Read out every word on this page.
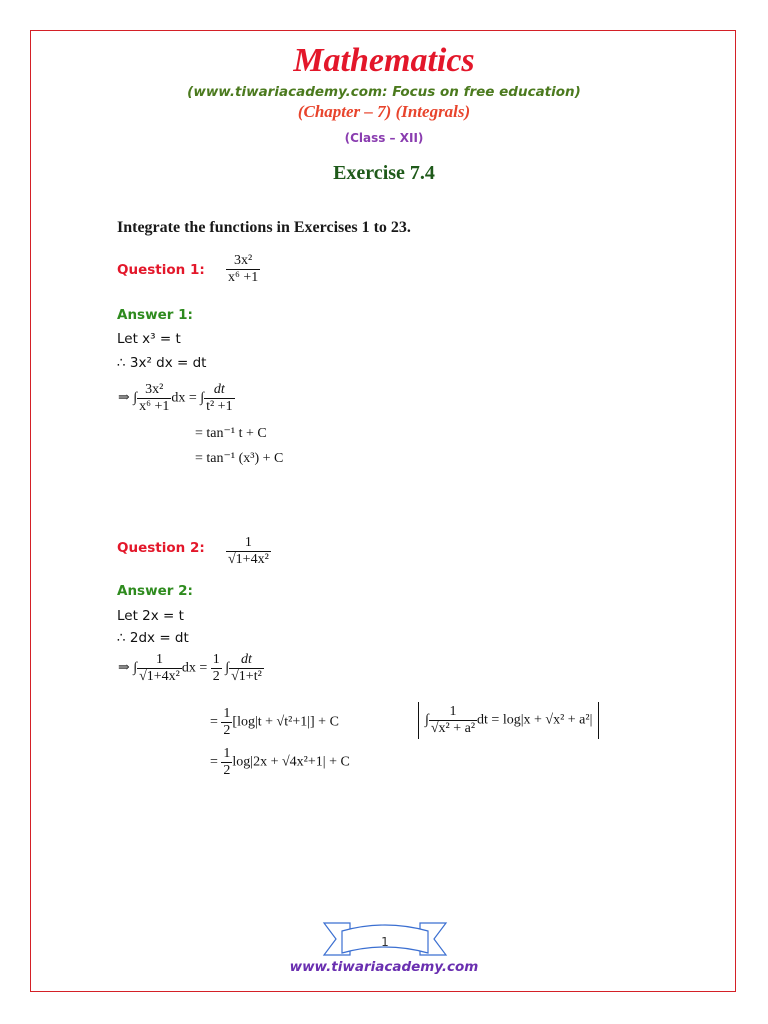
Mathematics
(www.tiwariacademy.com: Focus on free education)
(Chapter – 7) (Integrals)
(Class – XII)
Exercise 7.4
Integrate the functions in Exercises 1 to 23.
Question 1: $\frac{\text{3x²}}{\text{x⁶ +1}}$
Answer 1:
Let x³ = t
∴ 3x² dx = dt
⇒ ∫ $\frac{\text{3x²}}{\text{x⁶ +1}}$ dx = ∫ $\frac{dt}{\text{t² +1}}$
= tan⁻¹ t + C
= tan⁻¹ (x³) + C
Question 2: $\frac{1}{\text{√1+4x²}}$
Answer 2:
Let 2x = t
∴ 2dx = dt
⇒ ∫ $\frac{1}{\text{√1+4x²}}$ dx = $\frac{1}{2}$ ∫ $\frac{dt}{\text{√1+t²}}$
= $\frac{1}{2} [\log|t + √t^2+1|] + C$
= $\frac{1}{2} \log|2x + √4x^2+1| + C$
∫ $\frac{1}{\text{√x² + a²}}$ dt = log|x + √x² + a²|
1
www.tiwariacademy.com
